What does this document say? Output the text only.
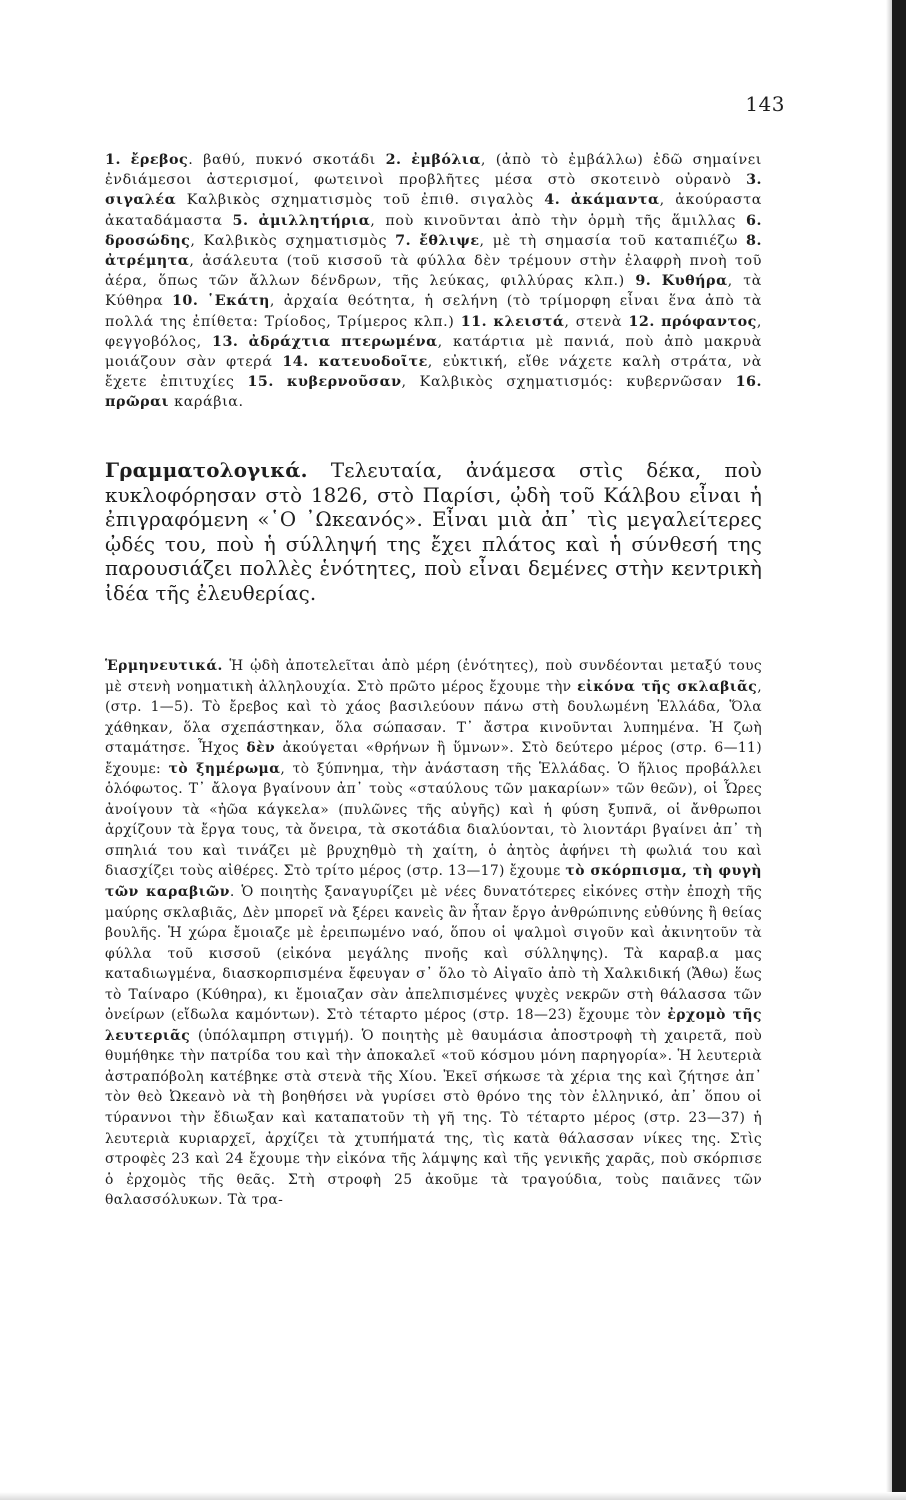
143

1. ἔρεβος. βαθύ, πυκνό σκοτάδι 2. ἐμβόλια, (ἀπὸ τὸ ἐμβάλλω) ἐδῶ σημαίνει ἐνδιάμεσοι ἀστερισμοί, φωτεινοὶ προβλῆτες μέσα στὸ σκοτεινὸ οὐρανὸ 3. σιγαλέα Καλβικὸς σχηματισμὸς τοῦ ἐπιθ. σιγαλὸς 4. ἀκάμαντα, ἀκούραστα ἀκαταδάμαστα 5. ἀμιλλητήρια, ποὺ κινοῦνται ἀπὸ τὴν ὁρμὴ τῆς ἅμιλλας 6. δροσώδης, Καλβικὸς σχηματισμὸς 7. ἔθλιψε, μὲ τὴ σημασία τοῦ καταπιέζω 8. ἀτρέμητα, ἀσάλευτα (τοῦ κισσοῦ τὰ φύλλα δὲν τρέμουν στὴν ἐλαφρὴ πνοὴ τοῦ ἀέρα, ὅπως τῶν ἄλλων δένδρων, τῆς λεύκας, φιλλύρας κλπ.) 9. Κυθήρα, τὰ Κύθηρα 10. ῾Εκάτη, ἀρχαία θεότητα, ἡ σελήνη (τὸ τρίμορφη εἶναι ἕνα ἀπὸ τὰ πολλά της ἐπίθετα: Τρίοδος, Τρίμερος κλπ.) 11. κλειστά, στενὰ 12. πρόφαντος, φεγγοβόλος, 13. ἀδράχτια πτερωμένα, κατάρτια μὲ πανιά, ποὺ ἀπὸ μακρυὰ μοιάζουν σὰν φτερά 14. κατευοδοῖτε, εὐκτική, εἴθε νάχετε καλὴ στράτα, νὰ ἔχετε ἐπιτυχίες 15. κυβερνοῦσαν, Καλβικὸς σχηματισμός: κυβερνῶσαν 16. πρῶραι καράβια.

Γραμματολογικά. Τελευταία, ἀνάμεσα στὶς δέκα, ποὺ κυκλοφόρησαν στὸ 1826, στὸ Παρίσι, ᾠδὴ τοῦ Κάλβου εἶναι ἡ ἐπιγραφόμενη «῾Ο ᾿Ωκεανός». Εἶναι μιὰ ἀπ᾿ τὶς μεγαλείτερες ᾠδές του, ποὺ ἡ σύλληψή της ἔχει πλάτος καὶ ἡ σύνθεσή της παρουσιάζει πολλὲς ἑνότητες, ποὺ εἶναι δεμένες στὴν κεντρικὴ ἰδέα τῆς ἐλευθερίας.

Ἑρμηνευτικά. Ἡ ᾠδὴ ἀποτελεῖται ἀπὸ μέρη (ἑνότητες), ποὺ συνδέονται μεταξύ τους μὲ στενὴ νοηματικὴ ἀλληλουχία. Στὸ πρῶτο μέρος ἔχουμε τὴν εἰκόνα τῆς σκλαβιᾶς, (στρ. 1—5). Τὸ ἔρεβος καὶ τὸ χάος βασιλεύουν πάνω στὴ δουλωμένη Ἑλλάδα, Ὅλα χάθηκαν, ὅλα σχεπάστηκαν, ὅλα σώπασαν. Τ᾿ ἄστρα κινοῦνται λυπημένα. Ἡ ζωὴ σταμάτησε. Ἦχος δὲν ἀκούγεται «θρήνων ἢ ὕμνων». Στὸ δεύτερο μέρος (στρ. 6—11) ἔχουμε: τὸ ξημέρωμα, τὸ ξύπνημα, τὴν ἀνάσταση τῆς Ἑλλάδας. Ὁ ἥλιος προβάλλει ὁλόφωτος. Τ᾿ ἄλογα βγαίνουν ἀπ᾿ τοὺς «σταύλους τῶν μακαρίων» τῶν θεῶν), οἱ Ὧρες ἀνοίγουν τὰ «ἠῶα κάγκελα» (πυλῶνες τῆς αὐγῆς) καὶ ἡ φύση ξυπνᾶ, οἱ ἄνθρωποι ἀρχίζουν τὰ ἔργα τους, τὰ ὄνειρα, τὰ σκοτάδια διαλύονται, τὸ λιοντάρι βγαίνει ἀπ᾿ τὴ σπηλιά του καὶ τινάζει μὲ βρυχηθμὸ τὴ χαίτη, ὁ ἀητὸς ἀφήνει τὴ φωλιά του καὶ διασχίζει τοὺς αἰθέρες. Στὸ τρίτο μέρος (στρ. 13—17) ἔχουμε τὸ σκόρπισμα, τὴ φυγὴ τῶν καραβιῶν. Ὁ ποιητὴς ξαναγυρίζει μὲ νέες δυνατότερες εἰκόνες στὴν ἐποχὴ τῆς μαύρης σκλαβιᾶς, Δὲν μπορεῖ νὰ ξέρει κανεὶς ἂν ἦταν ἔργο ἀνθρώπινης εὐθύνης ἢ θείας βουλῆς. Ἡ χώρα ἔμοιαζε μὲ ἐρειπωμένο ναό, ὅπου οἱ ψαλμοὶ σιγοῦν καὶ ἀκινητοῦν τὰ φύλλα τοῦ κισσοῦ (εἰκόνα μεγάλης πνοῆς καὶ σύλληψης). Τὰ καραβ.α μας καταδιωγμένα, διασκορπισμένα ἔφευγαν σ᾿ ὅλο τὸ Αἰγαῖο ἀπὸ τὴ Χαλκιδική (Ἄθω) ἕως τὸ Ταίναρο (Κύθηρα), κι ἔμοιαζαν σὰν ἀπελπισμένες ψυχὲς νεκρῶν στὴ θάλασσα τῶν ὀνείρων (εἴδωλα καμόντων). Στὸ τέταρτο μέρος (στρ. 18—23) ἔχουμε τὸν ἐρχομὸ τῆς λευτεριᾶς (ὑπόλαμπρη στιγμή). Ὁ ποιητὴς μὲ θαυμάσια ἀποστροφὴ τὴ χαιρετᾶ, ποὺ θυμήθηκε τὴν πατρίδα του καὶ τὴν ἀποκαλεῖ «τοῦ κόσμου μόνη παρηγορία». Ἡ λευτεριὰ ἀστραπόβολη κατέβηκε στὰ στενὰ τῆς Χίου. Ἐκεῖ σήκωσε τὰ χέρια της καὶ ζήτησε ἀπ᾿ τὸν θεὸ Ὠκεανὸ νὰ τὴ βοηθήσει νὰ γυρίσει στὸ θρόνο της τὸν ἑλληνικό, ἀπ᾿ ὅπου οἱ τύραννοι τὴν ἔδιωξαν καὶ καταπατοῦν τὴ γῆ της. Τὸ τέταρτο μέρος (στρ. 23—37) ἡ λευτεριὰ κυριαρχεῖ, ἀρχίζει τὰ χτυπήματά της, τὶς κατὰ θάλασσαν νίκες της. Στὶς στροφὲς 23 καὶ 24 ἔχουμε τὴν εἰκόνα τῆς λάμψης καὶ τῆς γενικῆς χαρᾶς, ποὺ σκόρπισε ὁ ἐρχομὸς τῆς θεᾶς. Στὴ στροφὴ 25 ἀκοῦμε τὰ τραγούδια, τοὺς παιᾶνες τῶν θαλασσόλυκων. Τὰ τρα-
